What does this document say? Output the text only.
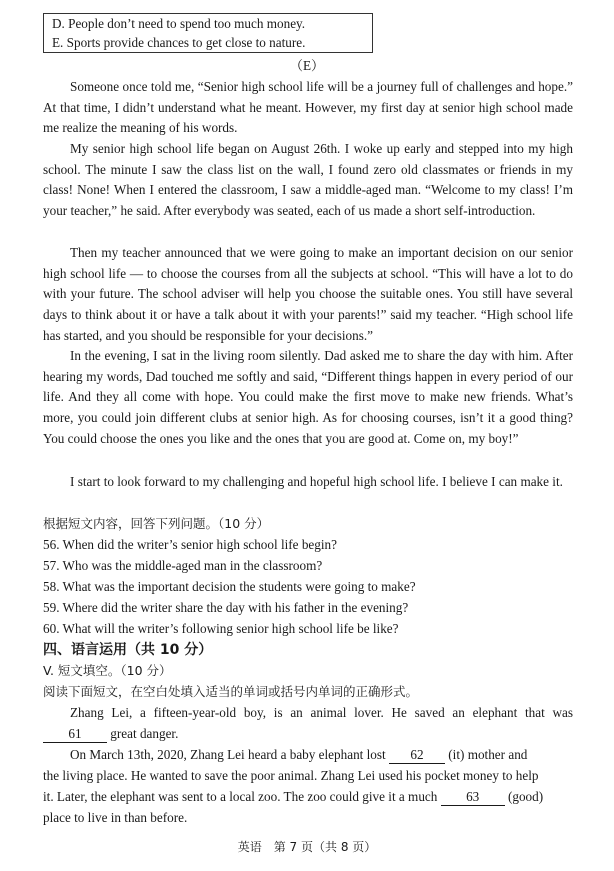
D. People don’t need to spend too much money.
E. Sports provide chances to get close to nature.
（E）

Someone once told me, “Senior high school life will be a journey full of challenges and hope.” At that time, I didn’t understand what he meant. However, my first day at senior high school made me realize the meaning of his words.

My senior high school life began on August 26th. I woke up early and stepped into my high school. The minute I saw the class list on the wall, I found zero old classmates or friends in my class! None! When I entered the classroom, I saw a middle-aged man. “Welcome to my class! I’m your teacher,” he said. After everybody was seated, each of us made a short self-introduction.

Then my teacher announced that we were going to make an important decision on our senior high school life — to choose the courses from all the subjects at school. “This will have a lot to do with your future. The school adviser will help you choose the suitable ones. You still have several days to think about it or have a talk about it with your parents!” said my teacher. “High school life has started, and you should be responsible for your decisions.”

In the evening, I sat in the living room silently. Dad asked me to share the day with him. After hearing my words, Dad touched me softly and said, “Different things happen in every period of our life. And they all come with hope. You could make the first move to make new friends. What’s more, you could join different clubs at senior high. As for choosing courses, isn’t it a good thing? You could choose the ones you like and the ones that you are good at. Come on, my boy!”

I start to look forward to my challenging and hopeful high school life. I believe I can make it.

根据短文内容，回答下列问题。（10 分）
56. When did the writer’s senior high school life begin?
57. Who was the middle-aged man in the classroom?
58. What was the important decision the students were going to make?
59. Where did the writer share the day with his father in the evening?
60. What will the writer’s following senior high school life be like?
四、语言运用（共 10 分）
V. 短文填空。（10 分）
阅读下面短文，在空白处填入适当的单词或括号内单词的正确形式。
Zhang Lei, a fifteen-year-old boy, is an animal lover. He saved an elephant that was
61 great danger.
On March 13th, 2020, Zhang Lei heard a baby elephant lost 62 (it) mother and
the living place. He wanted to save the poor animal. Zhang Lei used his pocket money to help
it. Later, the elephant was sent to a local zoo. The zoo could give it a much 63 (good)
place to live in than before.
英语　第 7 页（共 8 页）
